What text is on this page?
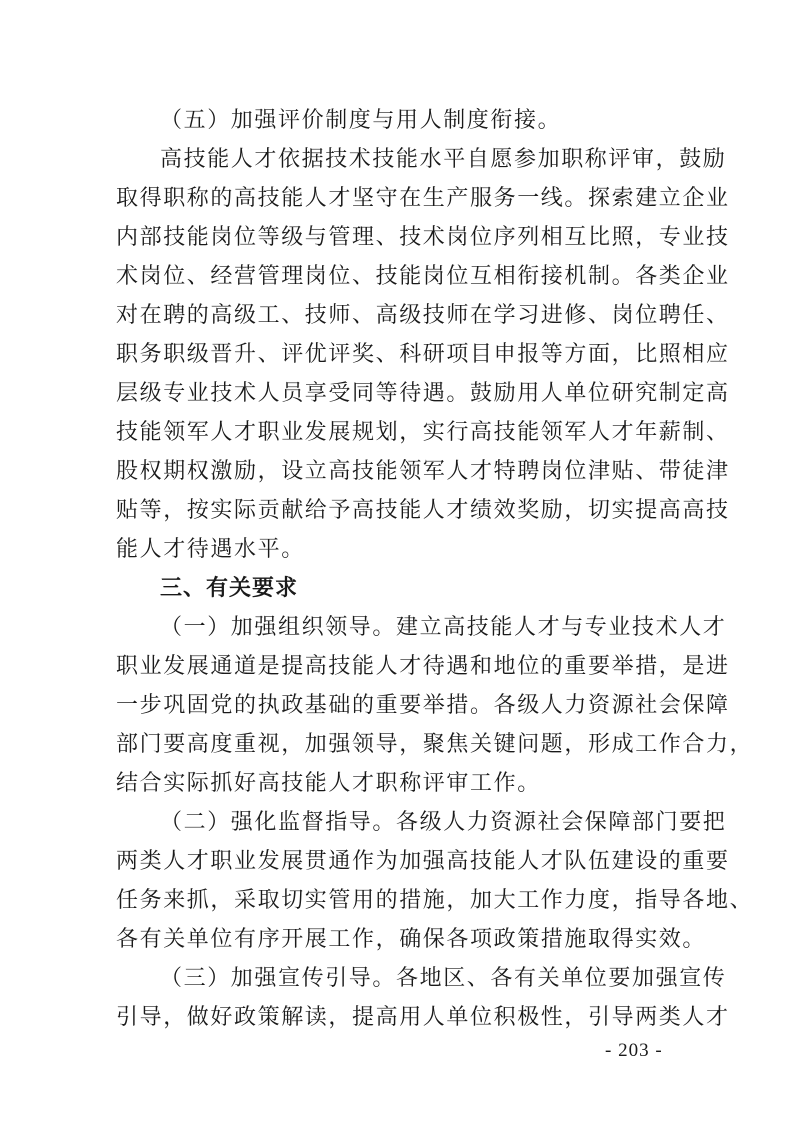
（五）加强评价制度与用人制度衔接。
高技能人才依据技术技能水平自愿参加职称评审，鼓励
取得职称的高技能人才坚守在生产服务一线。探索建立企业
内部技能岗位等级与管理、技术岗位序列相互比照，专业技
术岗位、经营管理岗位、技能岗位互相衔接机制。各类企业
对在聘的高级工、技师、高级技师在学习进修、岗位聘任、
职务职级晋升、评优评奖、科研项目申报等方面，比照相应
层级专业技术人员享受同等待遇。鼓励用人单位研究制定高
技能领军人才职业发展规划，实行高技能领军人才年薪制、
股权期权激励，设立高技能领军人才特聘岗位津贴、带徒津
贴等，按实际贡献给予高技能人才绩效奖励，切实提高高技
能人才待遇水平。
三、有关要求
（一）加强组织领导。建立高技能人才与专业技术人才
职业发展通道是提高技能人才待遇和地位的重要举措，是进
一步巩固党的执政基础的重要举措。各级人力资源社会保障
部门要高度重视，加强领导，聚焦关键问题，形成工作合力，
结合实际抓好高技能人才职称评审工作。
（二）强化监督指导。各级人力资源社会保障部门要把
两类人才职业发展贯通作为加强高技能人才队伍建设的重要
任务来抓，采取切实管用的措施，加大工作力度，指导各地、
各有关单位有序开展工作，确保各项政策措施取得实效。
（三）加强宣传引导。各地区、各有关单位要加强宣传
引导，做好政策解读，提高用人单位积极性，引导两类人才
- 203 -
